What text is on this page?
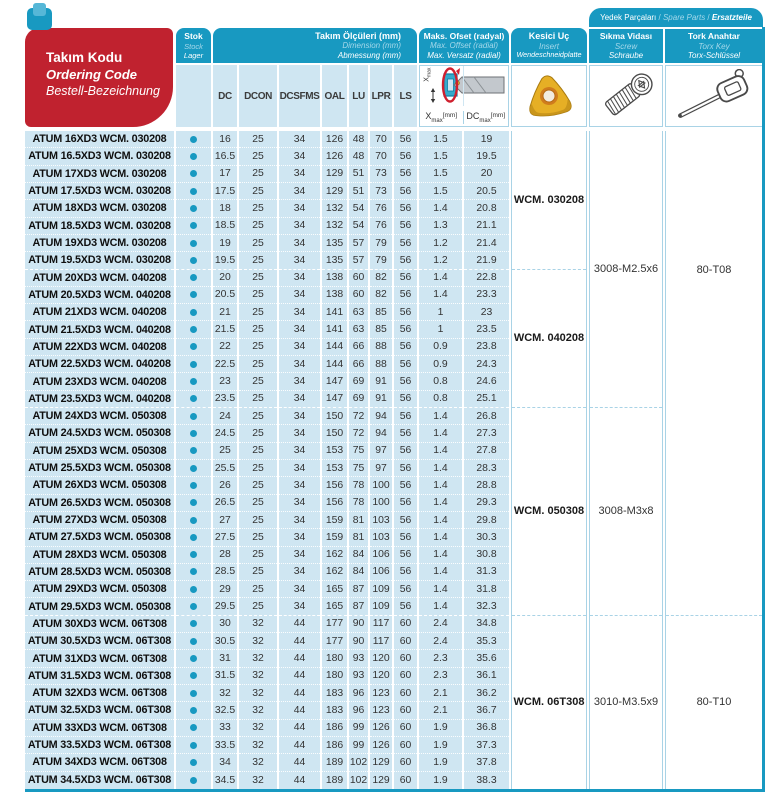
Takım Kodu
Ordering Code
Bestell-Bezeichnung
Stok
Stock
Lager
Takım Ölçüleri (mm)
Dimension (mm)
Abmessung (mm)
Maks. Ofset (radyal)
Max. Offset (radial)
Max. Versatz (radial)
Kesici Uç
Insert
Wendeschneidplatte
Yedek Parçaları / Spare Parts / Ersatzteile
Sıkma Vidası
Screw
Schraube
Tork Anahtar
Torx Key
Torx-Schlüssel
DC	DCON DCSFMS OAL LU LPR LS
$X_{max}$
$X_{max}[mm]$	$DC_{max}[mm]$
ATUM 16XD3 WCM. 030208	16	25	34	126 48	70	56	1.5	19
ATUM 16.5XD3 WCM. 030208	16.5	25	34	126 48	70	56	1.5	19.5
ATUM 17XD3 WCM. 030208	17	25	34	129 51	73	56	1.5	20
ATUM 17.5XD3 WCM. 030208	17.5	25	34	129 51	73	56	1.5	20.5
ATUM 18XD3 WCM. 030208	18	25	34	132 54	76	56	1.4	20.8
ATUM 18.5XD3 WCM. 030208	18.5	25	34	132 54	76	56	1.3	21.1
ATUM 19XD3 WCM. 030208	19	25	34	135 57	79	56	1.2	21.4
ATUM 19.5XD3 WCM. 030208	19.5	25	34	135 57	79	56	1.2	21.9
ATUM 20XD3 WCM. 040208	20	25	34	138 60	82	56	1.4	22.8
ATUM 20.5XD3 WCM. 040208	20.5	25	34	138 60	82	56	1.4	23.3
ATUM 21XD3 WCM. 040208	21	25	34	141 63	85	56	1	23
ATUM 21.5XD3 WCM. 040208	21.5	25	34	141 63	85	56	1	23.5
ATUM 22XD3 WCM. 040208	22	25	34	144 66	88	56	0.9	23.8
ATUM 22.5XD3 WCM. 040208	22.5	25	34	144 66	88	56	0.9	24.3
ATUM 23XD3 WCM. 040208	23	25	34	147 69	91	56	0.8	24.6
ATUM 23.5XD3 WCM. 040208	23.5	25	34	147 69	91	56	0.8	25.1
ATUM 24XD3 WCM. 050308	24	25	34	150 72	94	56	1.4	26.8
ATUM 24.5XD3 WCM. 050308	24.5	25	34	150 72	94	56	1.4	27.3
ATUM 25XD3 WCM. 050308	25	25	34	153 75	97	56	1.4	27.8
ATUM 25.5XD3 WCM. 050308	25.5	25	34	153 75	97	56	1.4	28.3
ATUM 26XD3 WCM. 050308	26	25	34	156 78 100 56	1.4	28.8
ATUM 26.5XD3 WCM. 050308	26.5	25	34	156 78 100 56	1.4	29.3
ATUM 27XD3 WCM. 050308	27	25	34	159 81 103 56	1.4	29.8
ATUM 27.5XD3 WCM. 050308	27.5	25	34	159 81 103 56	1.4	30.3
ATUM 28XD3 WCM. 050308	28	25	34	162 84 106 56	1.4	30.8
ATUM 28.5XD3 WCM. 050308	28.5	25	34	162 84 106 56	1.4	31.3
ATUM 29XD3 WCM. 050308	29	25	34	165 87 109 56	1.4	31.8
ATUM 29.5XD3 WCM. 050308	29.5	25	34	165 87 109 56	1.4	32.3
ATUM 30XD3 WCM. 06T308	30	32	44	177 90 117	60	2.4	34.8
ATUM 30.5XD3 WCM. 06T308	30.5	32	44	177 90 117	60	2.4	35.3
ATUM 31XD3 WCM. 06T308	31	32	44	180 93 120 60	2.3	35.6
ATUM 31.5XD3 WCM. 06T308	31.5	32	44	180 93 120 60	2.3	36.1
ATUM 32XD3 WCM. 06T308	32	32	44	183 96 123 60	2.1	36.2
ATUM 32.5XD3 WCM. 06T308	32.5	32	44	183 96 123 60	2.1	36.7
ATUM 33XD3 WCM. 06T308	33	32	44	186 99 126 60	1.9	36.8
ATUM 33.5XD3 WCM. 06T308	33.5	32	44	186 99 126 60	1.9	37.3
ATUM 34XD3 WCM. 06T308	34	32	44	189 102 129 60	1.9	37.8
ATUM 34.5XD3 WCM. 06T308	34.5	32	44	189 102 129 60	1.9	38.3
WCM. 030208
WCM. 040208
WCM. 050308
WCM. 06T308
3008-M2.5x6
3008-M3x8
3010-M3.5x9
80-T08
80-T10
